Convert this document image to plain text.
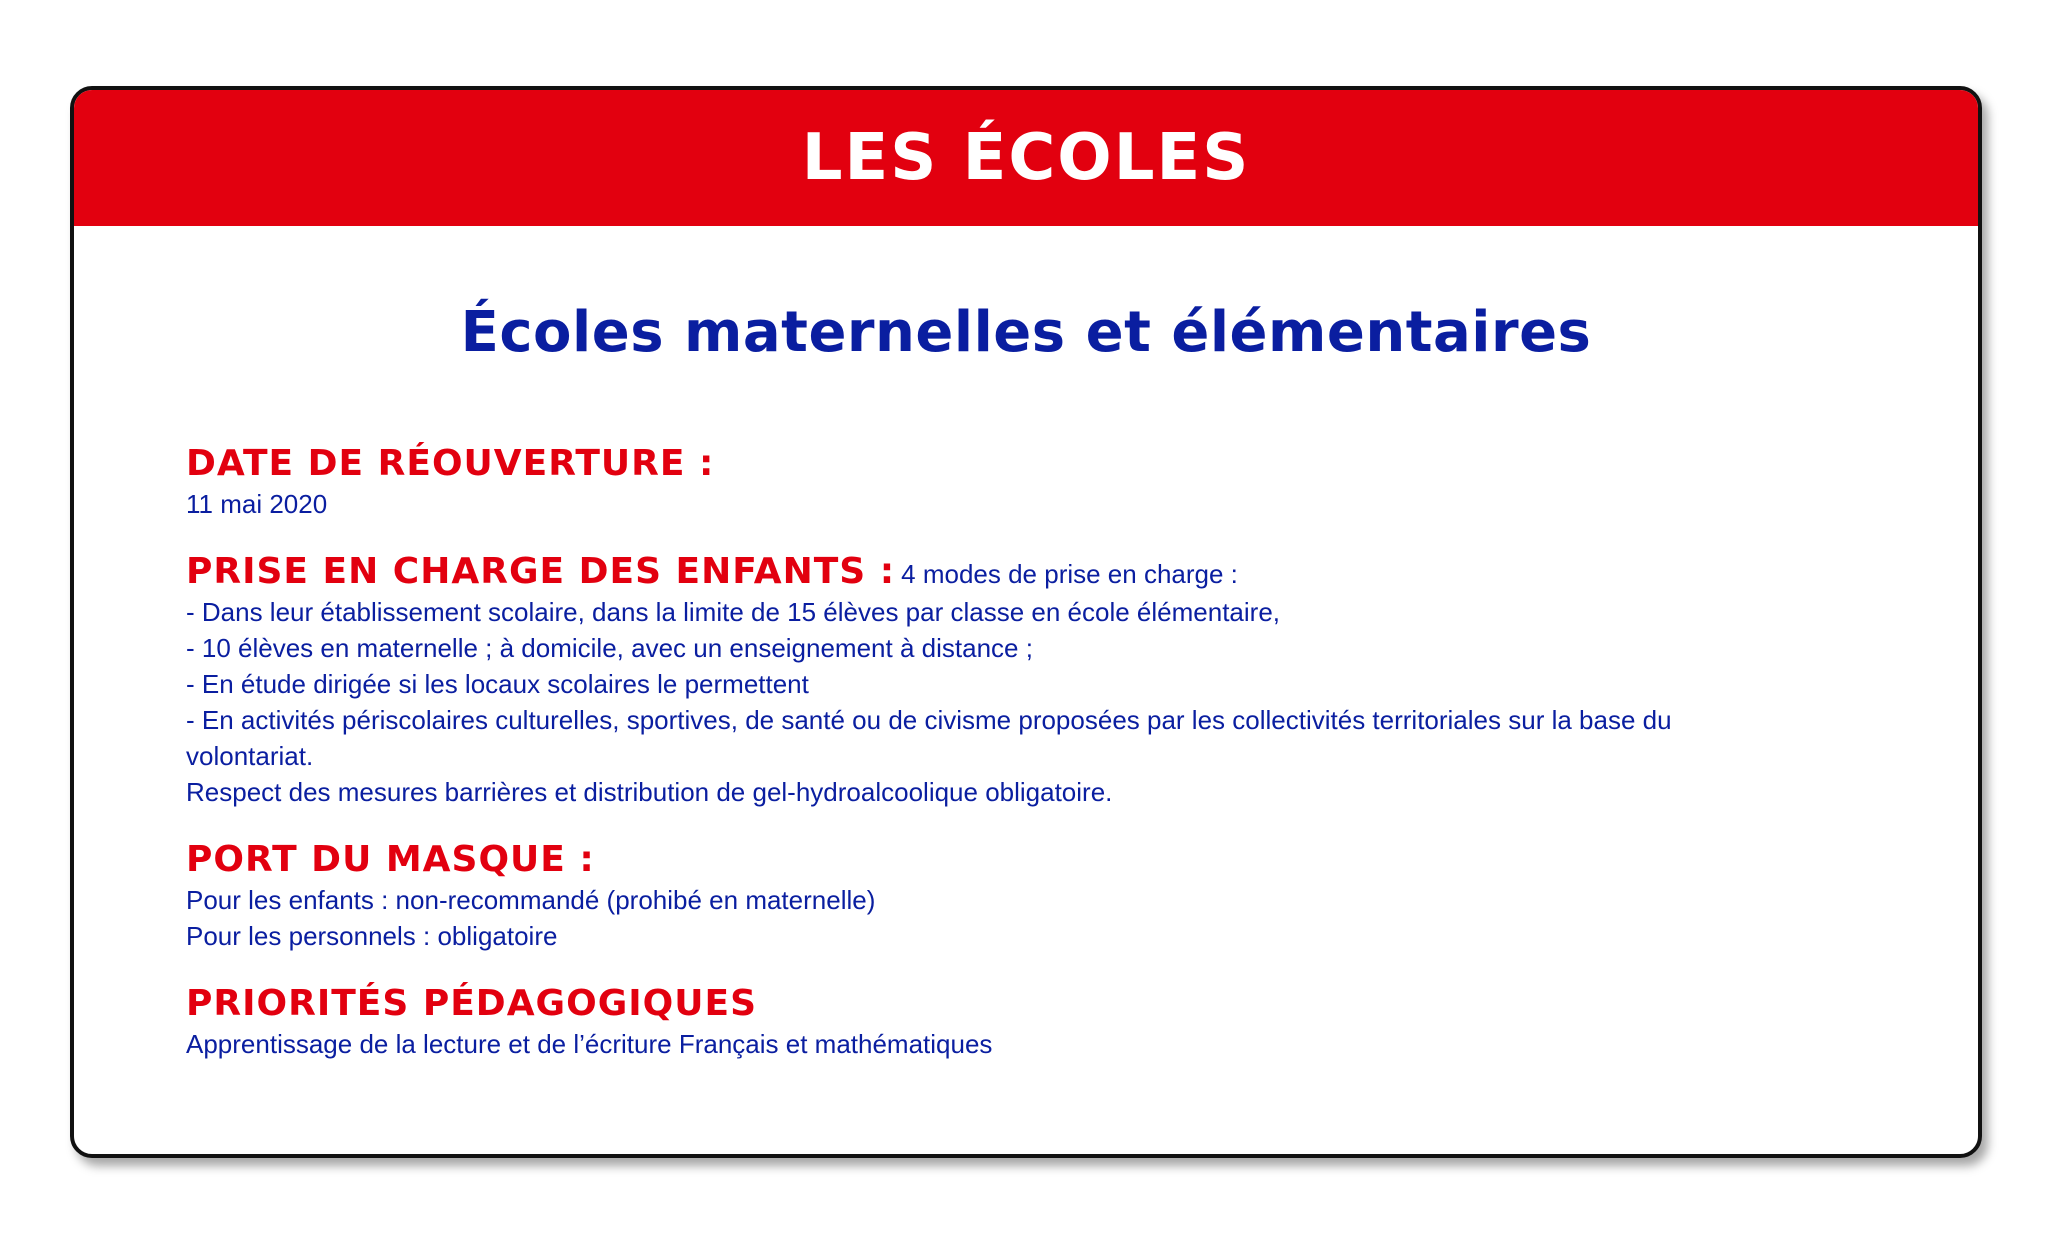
LES ÉCOLES
Écoles maternelles et élémentaires
DATE DE RÉOUVERTURE :
11 mai 2020
PRISE EN CHARGE DES ENFANTS : 4 modes de prise en charge :
- Dans leur établissement scolaire, dans la limite de 15 élèves par classe en école élémentaire,
- 10 élèves en maternelle ; à domicile, avec un enseignement à distance ;
- En étude dirigée si les locaux scolaires le permettent
- En activités périscolaires culturelles, sportives, de santé ou de civisme proposées par les collectivités territoriales sur la base du
volontariat.
Respect des mesures barrières et distribution de gel-hydroalcoolique obligatoire.
PORT DU MASQUE :
Pour les enfants : non-recommandé (prohibé en maternelle)
Pour les personnels : obligatoire
PRIORITÉS PÉDAGOGIQUES
Apprentissage de la lecture et de l’écriture Français et mathématiques
